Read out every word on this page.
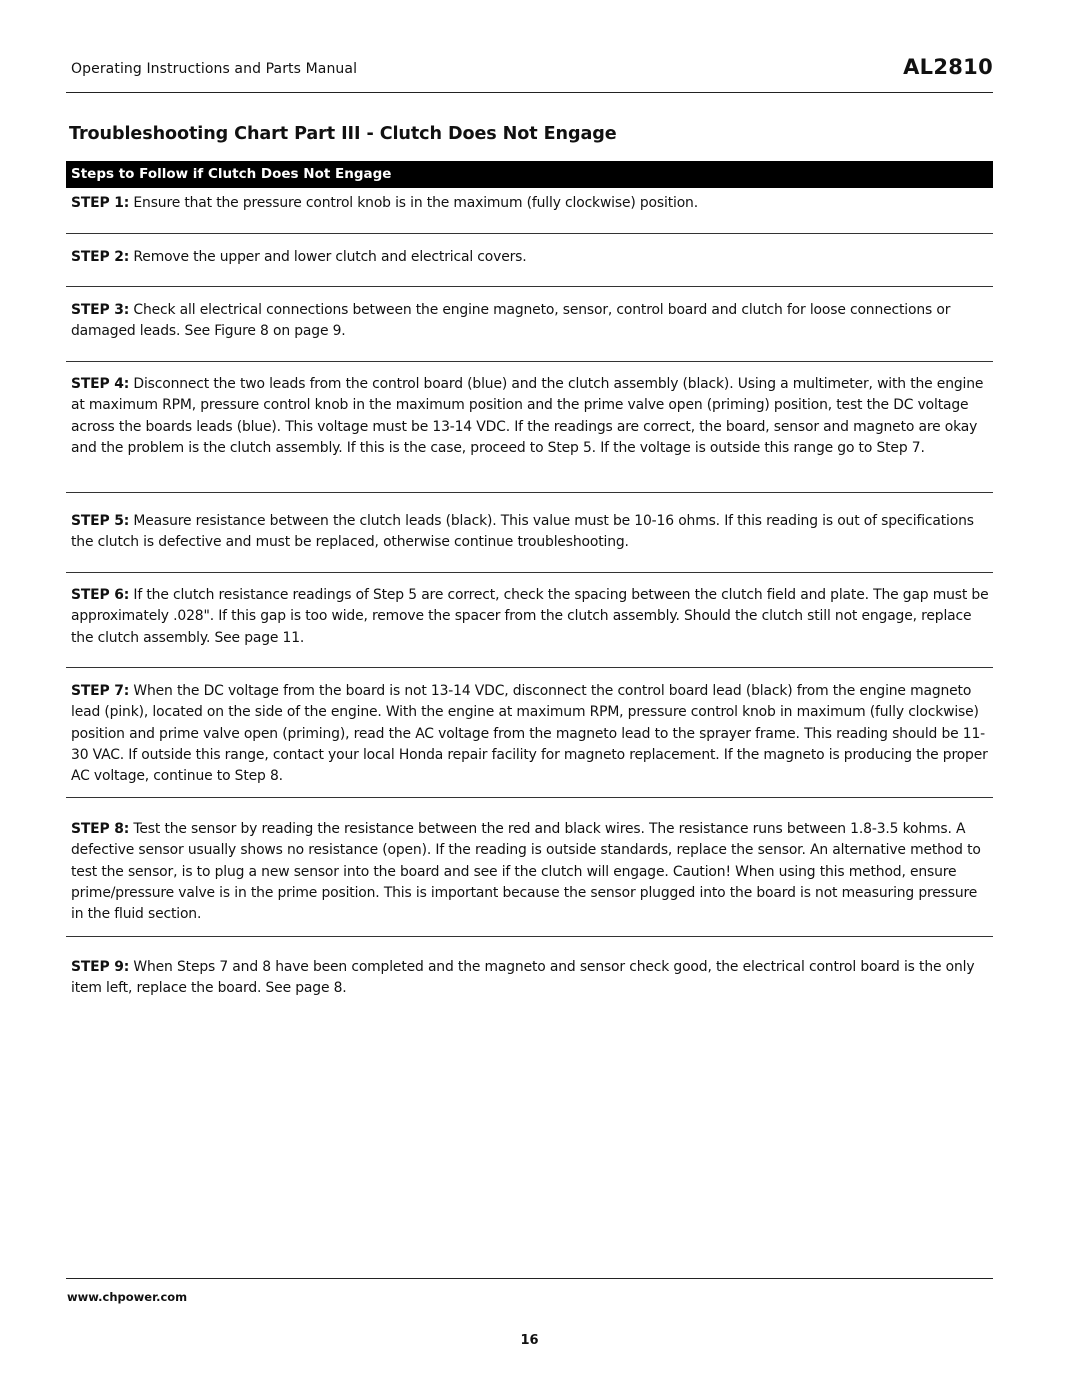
Operating Instructions and Parts Manual	AL2810
Troubleshooting Chart Part III - Clutch Does Not Engage
Steps to Follow if Clutch Does Not Engage
STEP 1: Ensure that the pressure control knob is in the maximum (fully clockwise) position.
STEP 2: Remove the upper and lower clutch and electrical covers.
STEP 3: Check all electrical connections between the engine magneto, sensor, control board and clutch for loose connections or damaged leads. See Figure 8 on page 9.
STEP 4: Disconnect the two leads from the control board (blue) and the clutch assembly (black). Using a multimeter, with the engine at maximum RPM, pressure control knob in the maximum position and the prime valve open (priming) position, test the DC voltage across the boards leads (blue). This voltage must be 13-14 VDC. If the readings are correct, the board, sensor and magneto are okay and the problem is the clutch assembly. If this is the case, proceed to Step 5. If the voltage is outside this range go to Step 7.
STEP 5: Measure resistance between the clutch leads (black). This value must be 10-16 ohms. If this reading is out of specifications the clutch is defective and must be replaced, otherwise continue troubleshooting.
STEP 6: If the clutch resistance readings of Step 5 are correct, check the spacing between the clutch field and plate. The gap must be approximately .028". If this gap is too wide, remove the spacer from the clutch assembly. Should the clutch still not engage, replace the clutch assembly. See page 11.
STEP 7: When the DC voltage from the board is not 13-14 VDC, disconnect the control board lead (black) from the engine magneto lead (pink), located on the side of the engine. With the engine at maximum RPM, pressure control knob in maximum (fully clockwise) position and prime valve open (priming), read the AC voltage from the magneto lead to the sprayer frame. This reading should be 11-30 VAC. If outside this range, contact your local Honda repair facility for magneto replacement. If the magneto is producing the proper AC voltage, continue to Step 8.
STEP 8: Test the sensor by reading the resistance between the red and black wires. The resistance runs between 1.8-3.5 kohms. A defective sensor usually shows no resistance (open). If the reading is outside standards, replace the sensor. An alternative method to test the sensor, is to plug a new sensor into the board and see if the clutch will engage. Caution! When using this method, ensure prime/pressure valve is in the prime position. This is important because the sensor plugged into the board is not measuring pressure in the fluid section.
STEP 9: When Steps 7 and 8 have been completed and the magneto and sensor check good, the electrical control board is the only item left, replace the board. See page 8.
www.chpower.com
16
